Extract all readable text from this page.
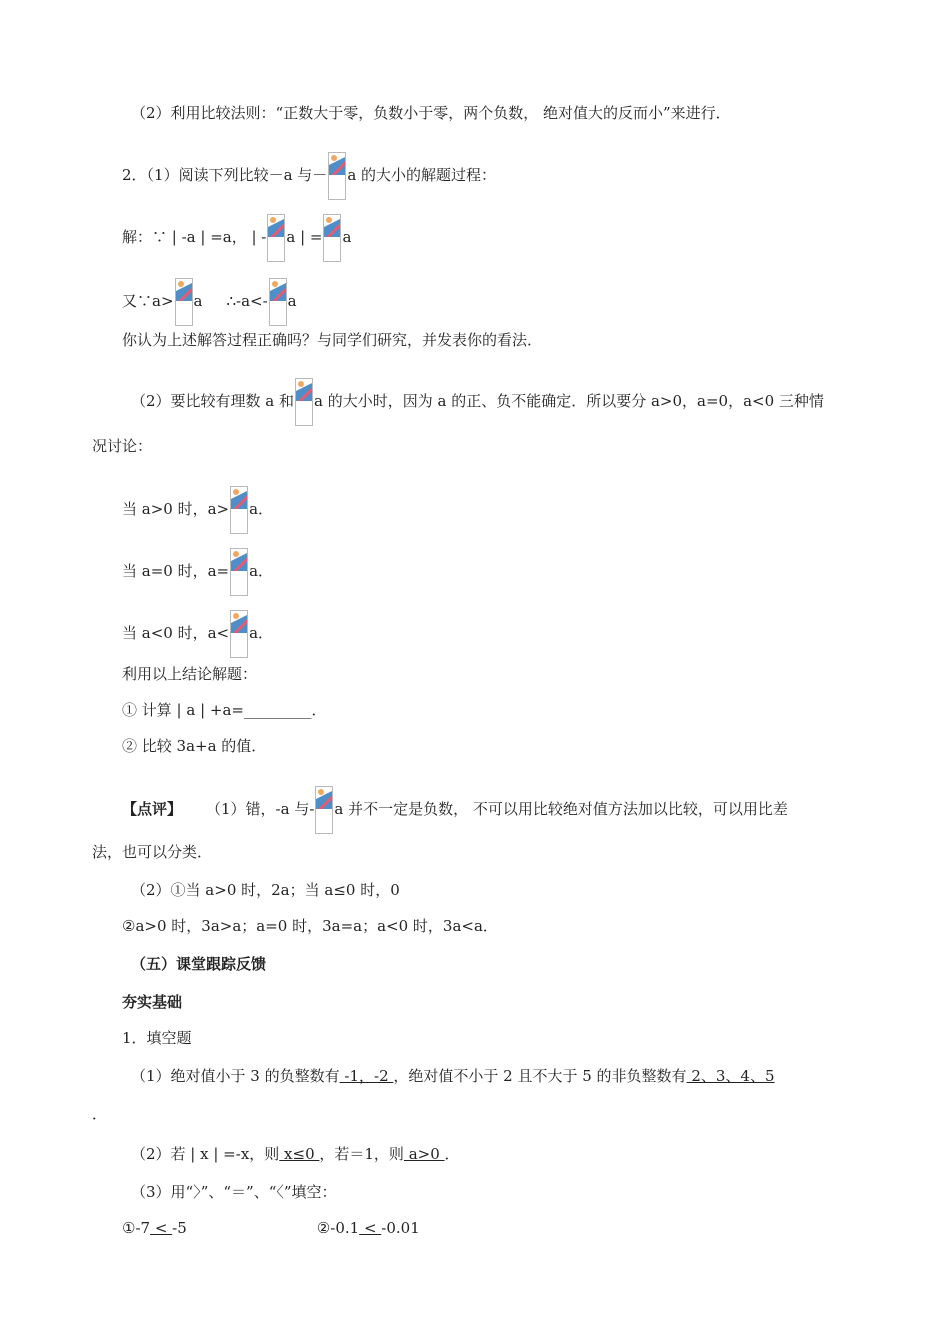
（2）利用比较法则：“正数大于零，负数小于零，两个负数， 绝对值大的反而小”来进行．
2．（1）阅读下列比较－a 与－ a 的大小的解题过程：
解：∵ | -a | =a， | - a | = a
又∵a> a ∴-a<- a
你认为上述解答过程正确吗？与同学们研究，并发表你的看法．
（2）要比较有理数 a 和 a 的大小时，因为 a 的正、负不能确定．所以要分 a>0，a=0，a<0 三种情
况讨论：
当 a>0 时，a> a．
当 a=0 时，a= a．
当 a<0 时，a< a．
利用以上结论解题：
① 计算 | a | +a=_________．
② 比较 3a+a 的值．
【点评】 （1）错，-a 与- a 并不一定是负数， 不可以用比较绝对值方法加以比较，可以用比差
法，也可以分类．
（2）①当 a>0 时，2a；当 a≤0 时，0
②a>0 时，3a>a；a=0 时，3a=a；a<0 时，3a<a．
（五）课堂跟踪反馈
夯实基础
1．填空题
（1）绝对值小于 3 的负整数有 -1，-2 ，绝对值不小于 2 且不大于 5 的非负整数有 2、3、4、5
．
（2）若 | x | =-x，则 x≤0 ，若＝1，则 a>0 ．
（3）用“〉”、“＝”、“〈”填空：
①-7 < -5	②-0.1 < -0.01
